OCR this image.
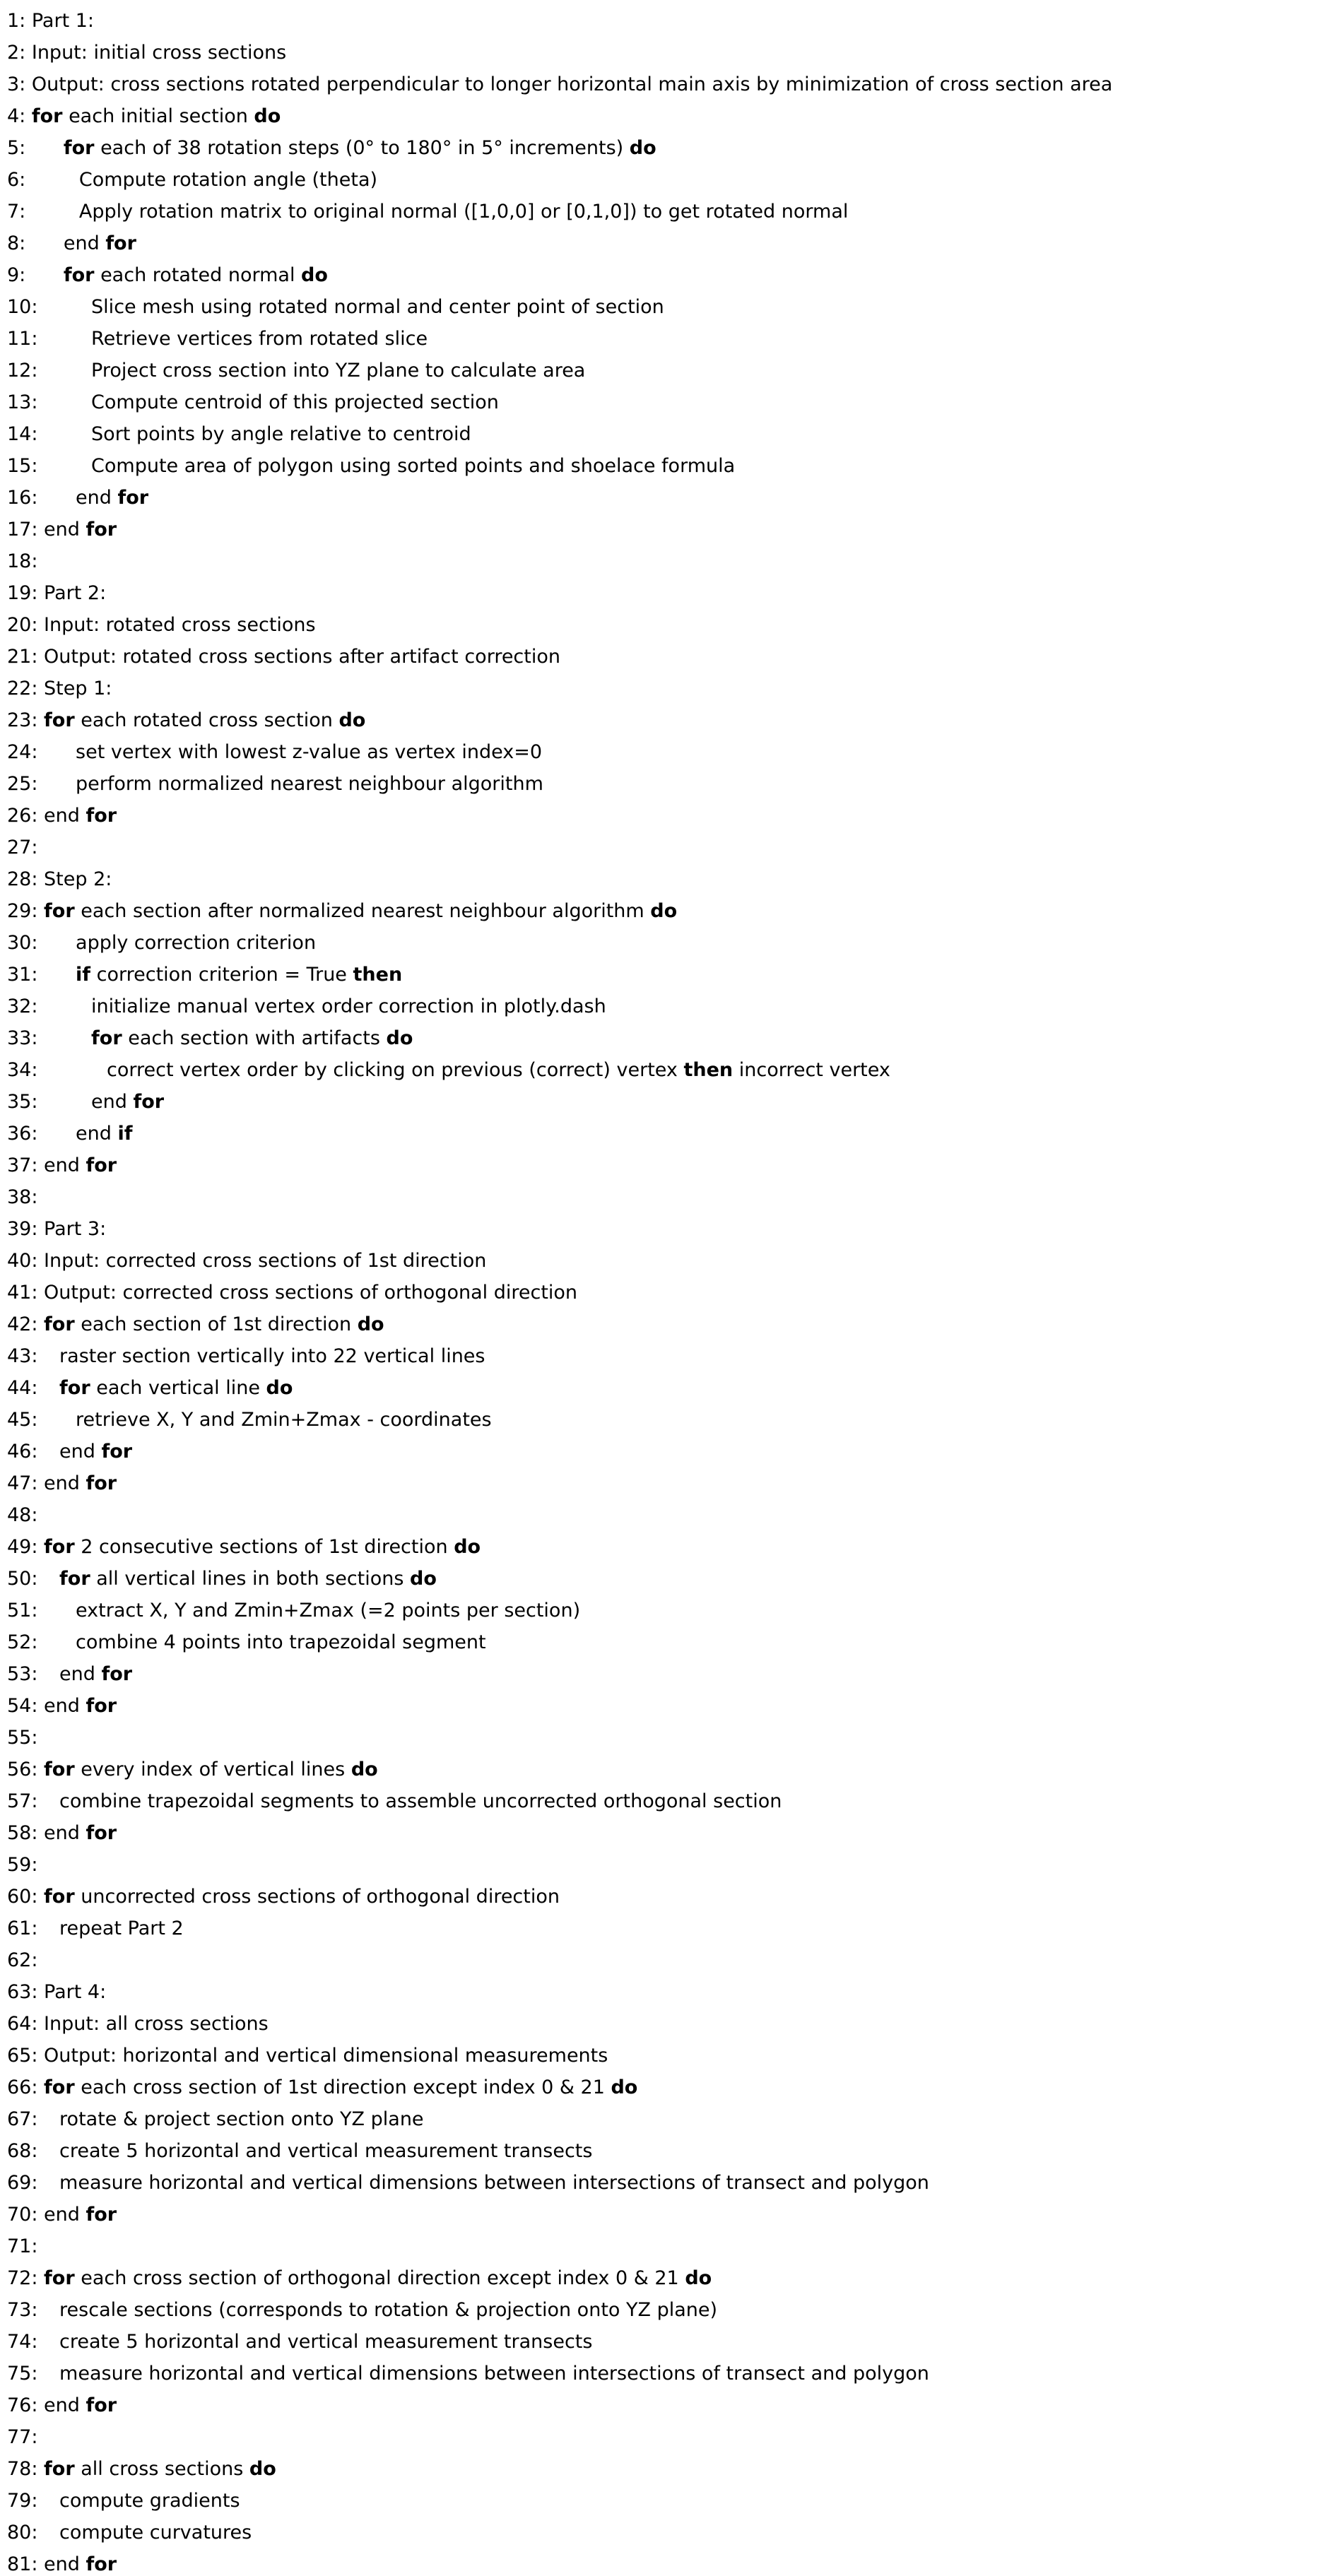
1: Part 1:
2: Input: initial cross sections
3: Output: cross sections rotated perpendicular to longer horizontal main axis by minimization of cross section area
4: for each initial section do
5: for each of 38 rotation steps (0° to 180° in 5° increments) do
6: Compute rotation angle (theta)
7: Apply rotation matrix to original normal ([1,0,0] or [0,1,0]) to get rotated normal
8: end for
9: for each rotated normal do
10: Slice mesh using rotated normal and center point of section
11: Retrieve vertices from rotated slice
12: Project cross section into YZ plane to calculate area
13: Compute centroid of this projected section
14: Sort points by angle relative to centroid
15: Compute area of polygon using sorted points and shoelace formula
16: end for
17: end for
18:
19: Part 2:
20: Input: rotated cross sections
21: Output: rotated cross sections after artifact correction
22: Step 1:
23: for each rotated cross section do
24: set vertex with lowest z-value as vertex index=0
25: perform normalized nearest neighbour algorithm
26: end for
27:
28: Step 2:
29: for each section after normalized nearest neighbour algorithm do
30: apply correction criterion
31: if correction criterion = True then
32: initialize manual vertex order correction in plotly.dash
33: for each section with artifacts do
34:	correct vertex order by clicking on previous (correct) vertex then incorrect vertex
35: end for
36: end if
37: end for
38:
39: Part 3:
40: Input: corrected cross sections of 1st direction
41: Output: corrected cross sections of orthogonal direction
42: for each section of 1st direction do
43: raster section vertically into 22 vertical lines
44: for each vertical line do
45: retrieve X, Y and Zmin+Zmax - coordinates
46: end for
47: end for
48:
49: for 2 consecutive sections of 1st direction do
50: for all vertical lines in both sections do
51: extract X, Y and Zmin+Zmax (=2 points per section)
52: combine 4 points into trapezoidal segment
53: end for
54: end for
55:
56: for every index of vertical lines do
57: combine trapezoidal segments to assemble uncorrected orthogonal section
58: end for
59:
60: for uncorrected cross sections of orthogonal direction
61: repeat Part 2
62:
63: Part 4:
64: Input: all cross sections
65: Output: horizontal and vertical dimensional measurements
66: for each cross section of 1st direction except index 0 & 21 do
67: rotate & project section onto YZ plane
68: create 5 horizontal and vertical measurement transects
69: measure horizontal and vertical dimensions between intersections of transect and polygon
70: end for
71:
72: for each cross section of orthogonal direction except index 0 & 21 do
73: rescale sections (corresponds to rotation & projection onto YZ plane)
74: create 5 horizontal and vertical measurement transects
75: measure horizontal and vertical dimensions between intersections of transect and polygon
76: end for
77:
78: for all cross sections do
79: compute gradients
80: compute curvatures
81: end for
